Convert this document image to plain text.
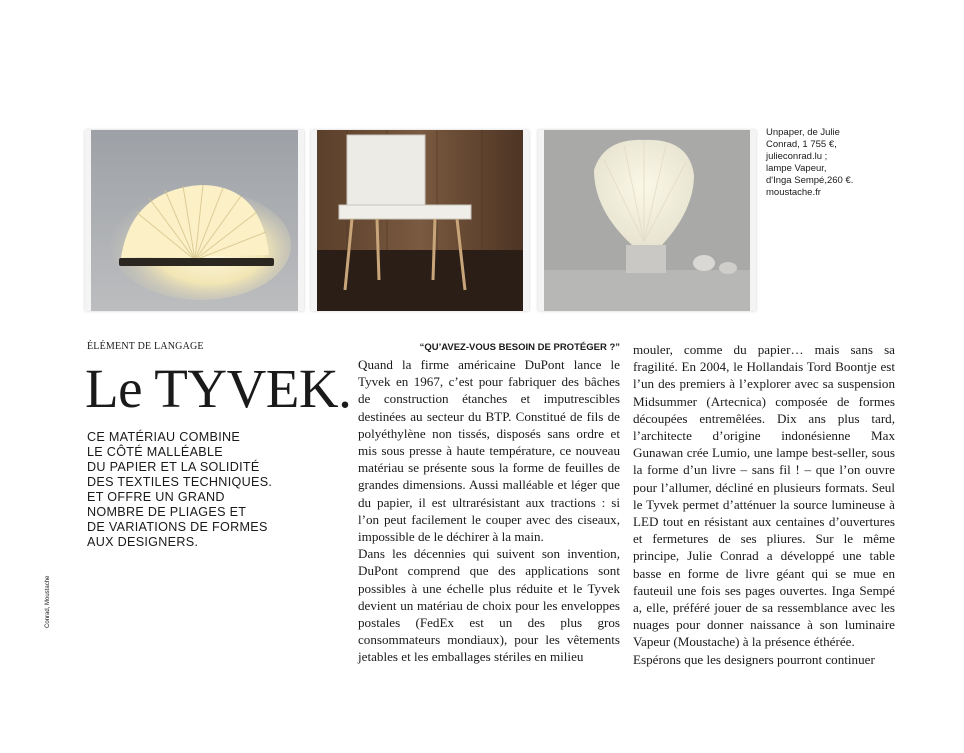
Unpaper, de Julie
Conrad, 1 755 €,
julieconrad.lu ;
lampe Vapeur,
d'Inga Sempé,260 €.
moustache.fr

ÉLÉMENT DE LANGAGE

Le TYVEK.
CE MATÉRIAU COMBINE
LE CÔTÉ MALLÉABLE
DU PAPIER ET LA SOLIDITÉ
DES TEXTILES TECHNIQUES.
ET OFFRE UN GRAND
NOMBRE DE PLIAGES ET
DE VARIATIONS DE FORMES
AUX DESIGNERS.
Conrad, Moustache

“QU’AVEZ-VOUS BESOIN DE PROTÉGER ?”

Quand la firme américaine DuPont lance le Tyvek en 1967, c’est pour fabriquer des bâches de construction étanches et imputrescibles destinées au secteur du BTP. Constitué de fils de polyéthylène non tissés, disposés sans ordre et mis sous presse à haute température, ce nouveau matériau se présente sous la forme de feuilles de grandes dimensions. Aussi malléable et léger que du papier, il est ultrarésistant aux tractions : si l’on peut facilement le couper avec des ciseaux, impossible de le déchirer à la main.

Dans les décennies qui suivent son invention, DuPont comprend que des applications sont possibles à une échelle plus réduite et le Tyvek devient un matériau de choix pour les enveloppes postales (FedEx est un des plus gros consommateurs mondiaux), pour les vêtements jetables et les emballages stériles en milieu

mouler, comme du papier… mais sans sa fragilité. En 2004, le Hollandais Tord Boontje est l’un des premiers à l’explorer avec sa suspension Midsummer (Artecnica) composée de formes découpées entremêlées. Dix ans plus tard, l’architecte d’origine indonésienne Max Gunawan crée Lumio, une lampe best-seller, sous la forme d’un livre – sans fil ! – que l’on ouvre pour l’allumer, décliné en plusieurs formats. Seul le Tyvek permet d’atténuer la source lumineuse à LED tout en résistant aux centaines d’ouvertures et fermetures de ses pliures. Sur le même principe, Julie Conrad a développé une table basse en forme de livre géant qui se mue en fauteuil une fois ses pages ouvertes. Inga Sempé a, elle, préféré jouer de sa ressemblance avec les nuages pour donner naissance à son luminaire Vapeur (Moustache) à la présence éthérée.

Espérons que les designers pourront continuer
